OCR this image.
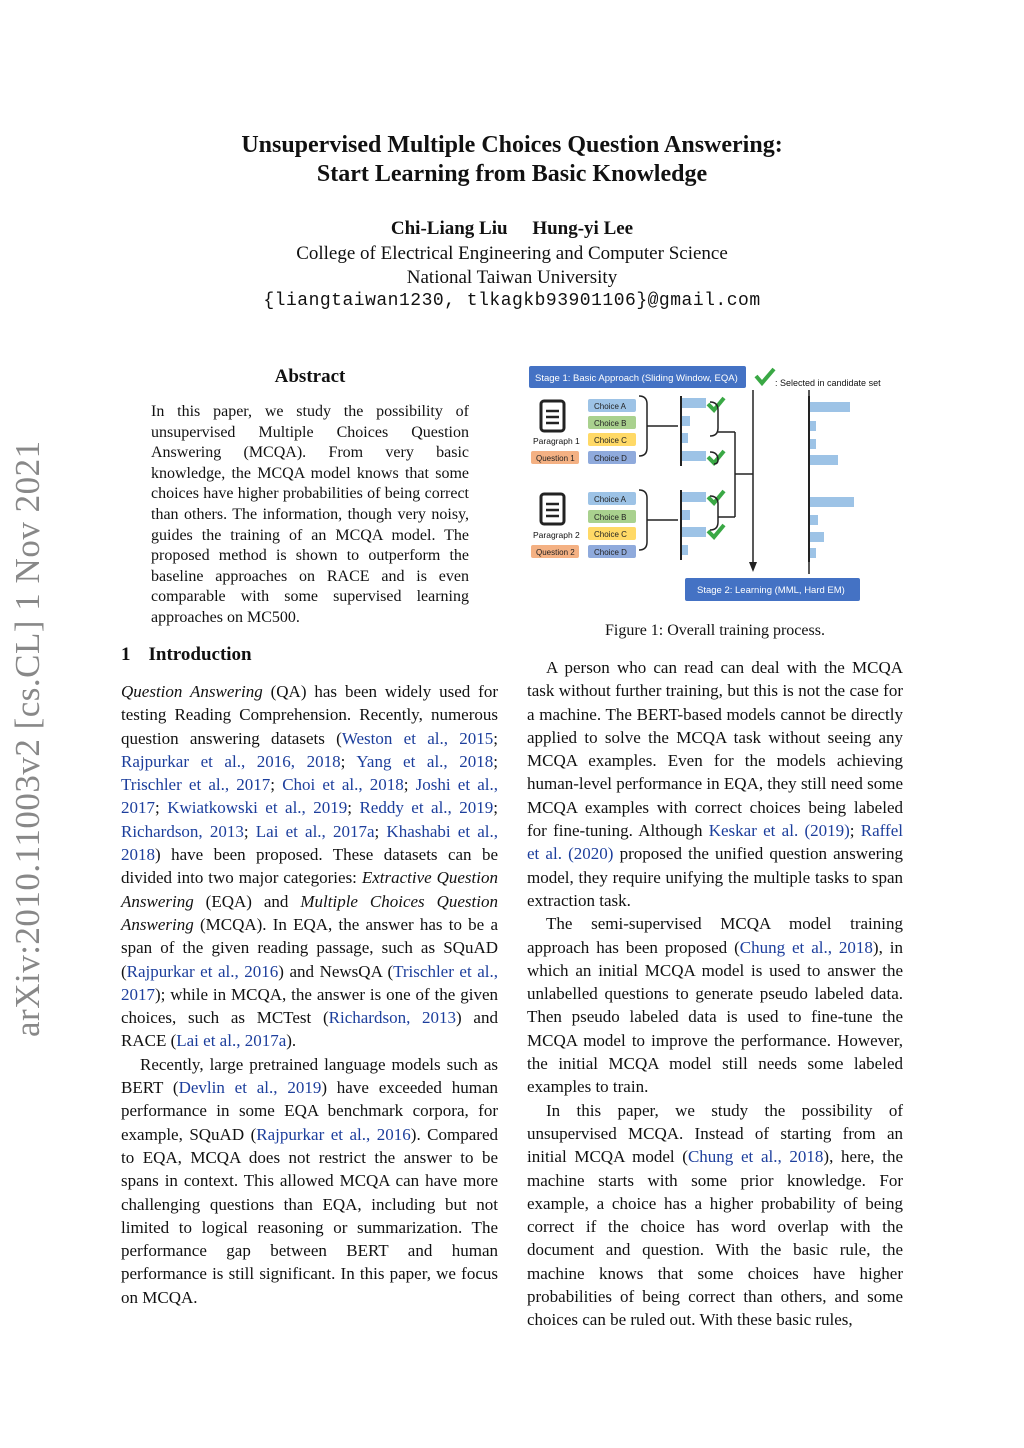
Unsupervised Multiple Choices Question Answering:
Start Learning from Basic Knowledge
Chi-Liang Liu Hung-yi Lee
College of Electrical Engineering and Computer Science
National Taiwan University
{liangtaiwan1230, tlkagkb93901106}@gmail.com
arXiv:2010.11003v2 [cs.CL] 1 Nov 2021
Abstract
In this paper, we study the possibility of unsupervised Multiple Choices Question Answering (MCQA). From very basic knowledge, the MCQA model knows that some choices have higher probabilities of being correct than others. The information, though very noisy, guides the training of an MCQA model. The proposed method is shown to outperform the baseline approaches on RACE and is even comparable with some supervised learning approaches on MC500.
1 Introduction

Question Answering (QA) has been widely used for testing Reading Comprehension. Recently, numerous question answering datasets (Weston et al., 2015; Rajpurkar et al., 2016, 2018; Yang et al., 2018; Trischler et al., 2017; Choi et al., 2018; Joshi et al., 2017; Kwiatkowski et al., 2019; Reddy et al., 2019; Richardson, 2013; Lai et al., 2017a; Khashabi et al., 2018) have been proposed. These datasets can be divided into two major categories: Extractive Question Answering (EQA) and Multiple Choices Question Answering (MCQA). In EQA, the answer has to be a span of the given reading passage, such as SQuAD (Rajpurkar et al., 2016) and NewsQA (Trischler et al., 2017); while in MCQA, the answer is one of the given choices, such as MCTest (Richardson, 2013) and RACE (Lai et al., 2017a).

Recently, large pretrained language models such as BERT (Devlin et al., 2019) have exceeded human performance in some EQA benchmark corpora, for example, SQuAD (Rajpurkar et al., 2016). Compared to EQA, MCQA does not restrict the answer to be spans in context. This allowed MCQA can have more challenging questions than EQA, including but not limited to logical reasoning or summarization. The performance gap between BERT and human performance is still significant. In this paper, we focus on MCQA.

Stage 1: Basic Approach (Sliding Window, EQA)	: Selected in candidate set
Paragraph 1
Question 1
Choice A
Choice B
Choice C
Choice D
Paragraph 2
Question 2
Choice A
Choice B
Choice C
Choice D
Stage 2: Learning (MML, Hard EM)
Figure 1: Overall training process.

A person who can read can deal with the MCQA task without further training, but this is not the case for a machine. The BERT-based models cannot be directly applied to solve the MCQA task without seeing any MCQA examples. Even for the models achieving human-level performance in EQA, they still need some MCQA examples with correct choices being labeled for fine-tuning. Although Keskar et al. (2019); Raffel et al. (2020) proposed the unified question answering model, they require unifying the multiple tasks to span extraction task.

The semi-supervised MCQA model training approach has been proposed (Chung et al., 2018), in which an initial MCQA model is used to answer the unlabelled questions to generate pseudo labeled data. Then pseudo labeled data is used to fine-tune the MCQA model to improve the performance. However, the initial MCQA model still needs some labeled examples to train.

In this paper, we study the possibility of unsupervised MCQA. Instead of starting from an initial MCQA model (Chung et al., 2018), here, the machine starts with some prior knowledge. For example, a choice has a higher probability of being correct if the choice has word overlap with the document and question. With the basic rule, the machine knows that some choices have higher probabilities of being correct than others, and some choices can be ruled out. With these basic rules,
